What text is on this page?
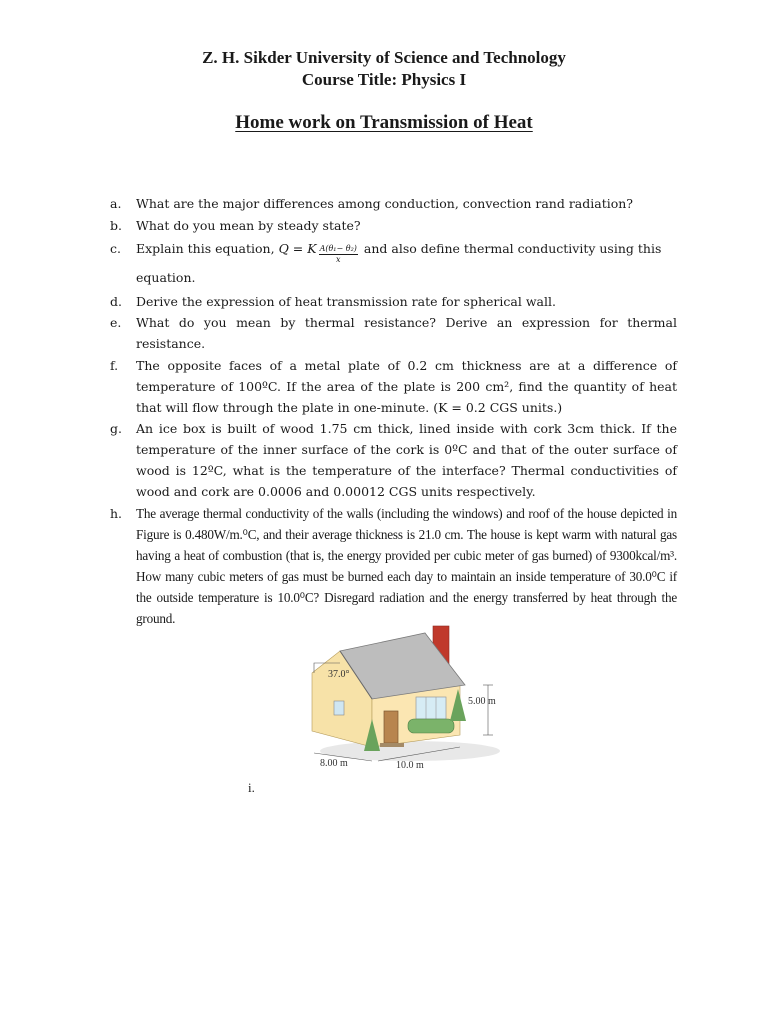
Z. H. Sikder University of Science and Technology
Course Title: Physics I
Home work on Transmission of Heat
a. What are the major differences among conduction, convection rand radiation?
b. What do you mean by steady state?
c. Explain this equation, Q = K $\frac{\text{A(θ₁− θ₂)}}{x}$ and also define thermal conductivity using this equation.
d. Derive the expression of heat transmission rate for spherical wall.
e. What do you mean by thermal resistance? Derive an expression for thermal resistance.
f. The opposite faces of a metal plate of 0.2 cm thickness are at a difference of temperature of 100ºC. If the area of the plate is 200 cm², find the quantity of heat that will flow through the plate in one-minute. (K = 0.2 CGS units.)
g. An ice box is built of wood 1.75 cm thick, lined inside with cork 3cm thick. If the temperature of the inner surface of the cork is 0ºC and that of the outer surface of wood is 12ºC, what is the temperature of the interface? Thermal conductivities of wood and cork are 0.0006 and 0.00012 CGS units respectively.
h. The average thermal conductivity of the walls (including the windows) and roof of the house depicted in Figure is 0.480W/m.⁰C, and their average thickness is 21.0 cm. The house is kept warm with natural gas having a heat of combustion (that is, the energy provided per cubic meter of gas burned) of 9300kcal/m³. How many cubic meters of gas must be burned each day to maintain an inside temperature of 30.0⁰C if the outside temperature is 10.0⁰C? Disregard radiation and the energy transferred by heat through the ground.
37.0°
5.00 m
8.00 m	10.0 m
i.
